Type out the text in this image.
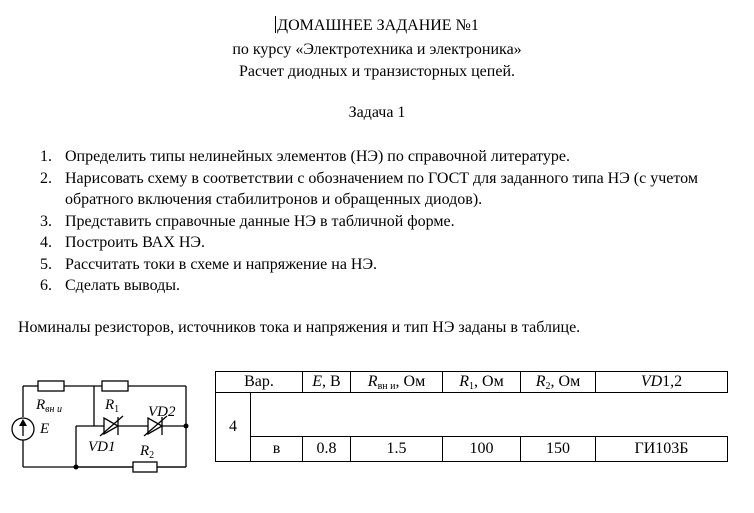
ДОМАШНЕЕ ЗАДАНИЕ №1
по курсу «Электротехника и электроника»
Расчет диодных и транзисторных цепей.
Задача 1
1. Определить типы нелинейных элементов (НЭ) по справочной литературе.
2. Нарисовать схему в соответствии с обозначением по ГОСТ для заданного типа НЭ (с учетом обратного включения стабилитронов и обращенных диодов).
3. Представить справочные данные НЭ в табличной форме.
4. Построить ВАХ НЭ.
5. Рассчитать токи в схеме и напряжение на НЭ.
6. Сделать выводы.
Номиналы резисторов, источников тока и напряжения и тип НЭ заданы в таблице.
$R_{вн и}$	$R_1$ VD2
E
VD1 $R_2$
Вар.		E, В	$R_{вн и}$, Ом	$R_1$, Ом	$R_2$, Ом	VD1,2
4						
	в	0.8	1.5	100	150	ГИ103Б
